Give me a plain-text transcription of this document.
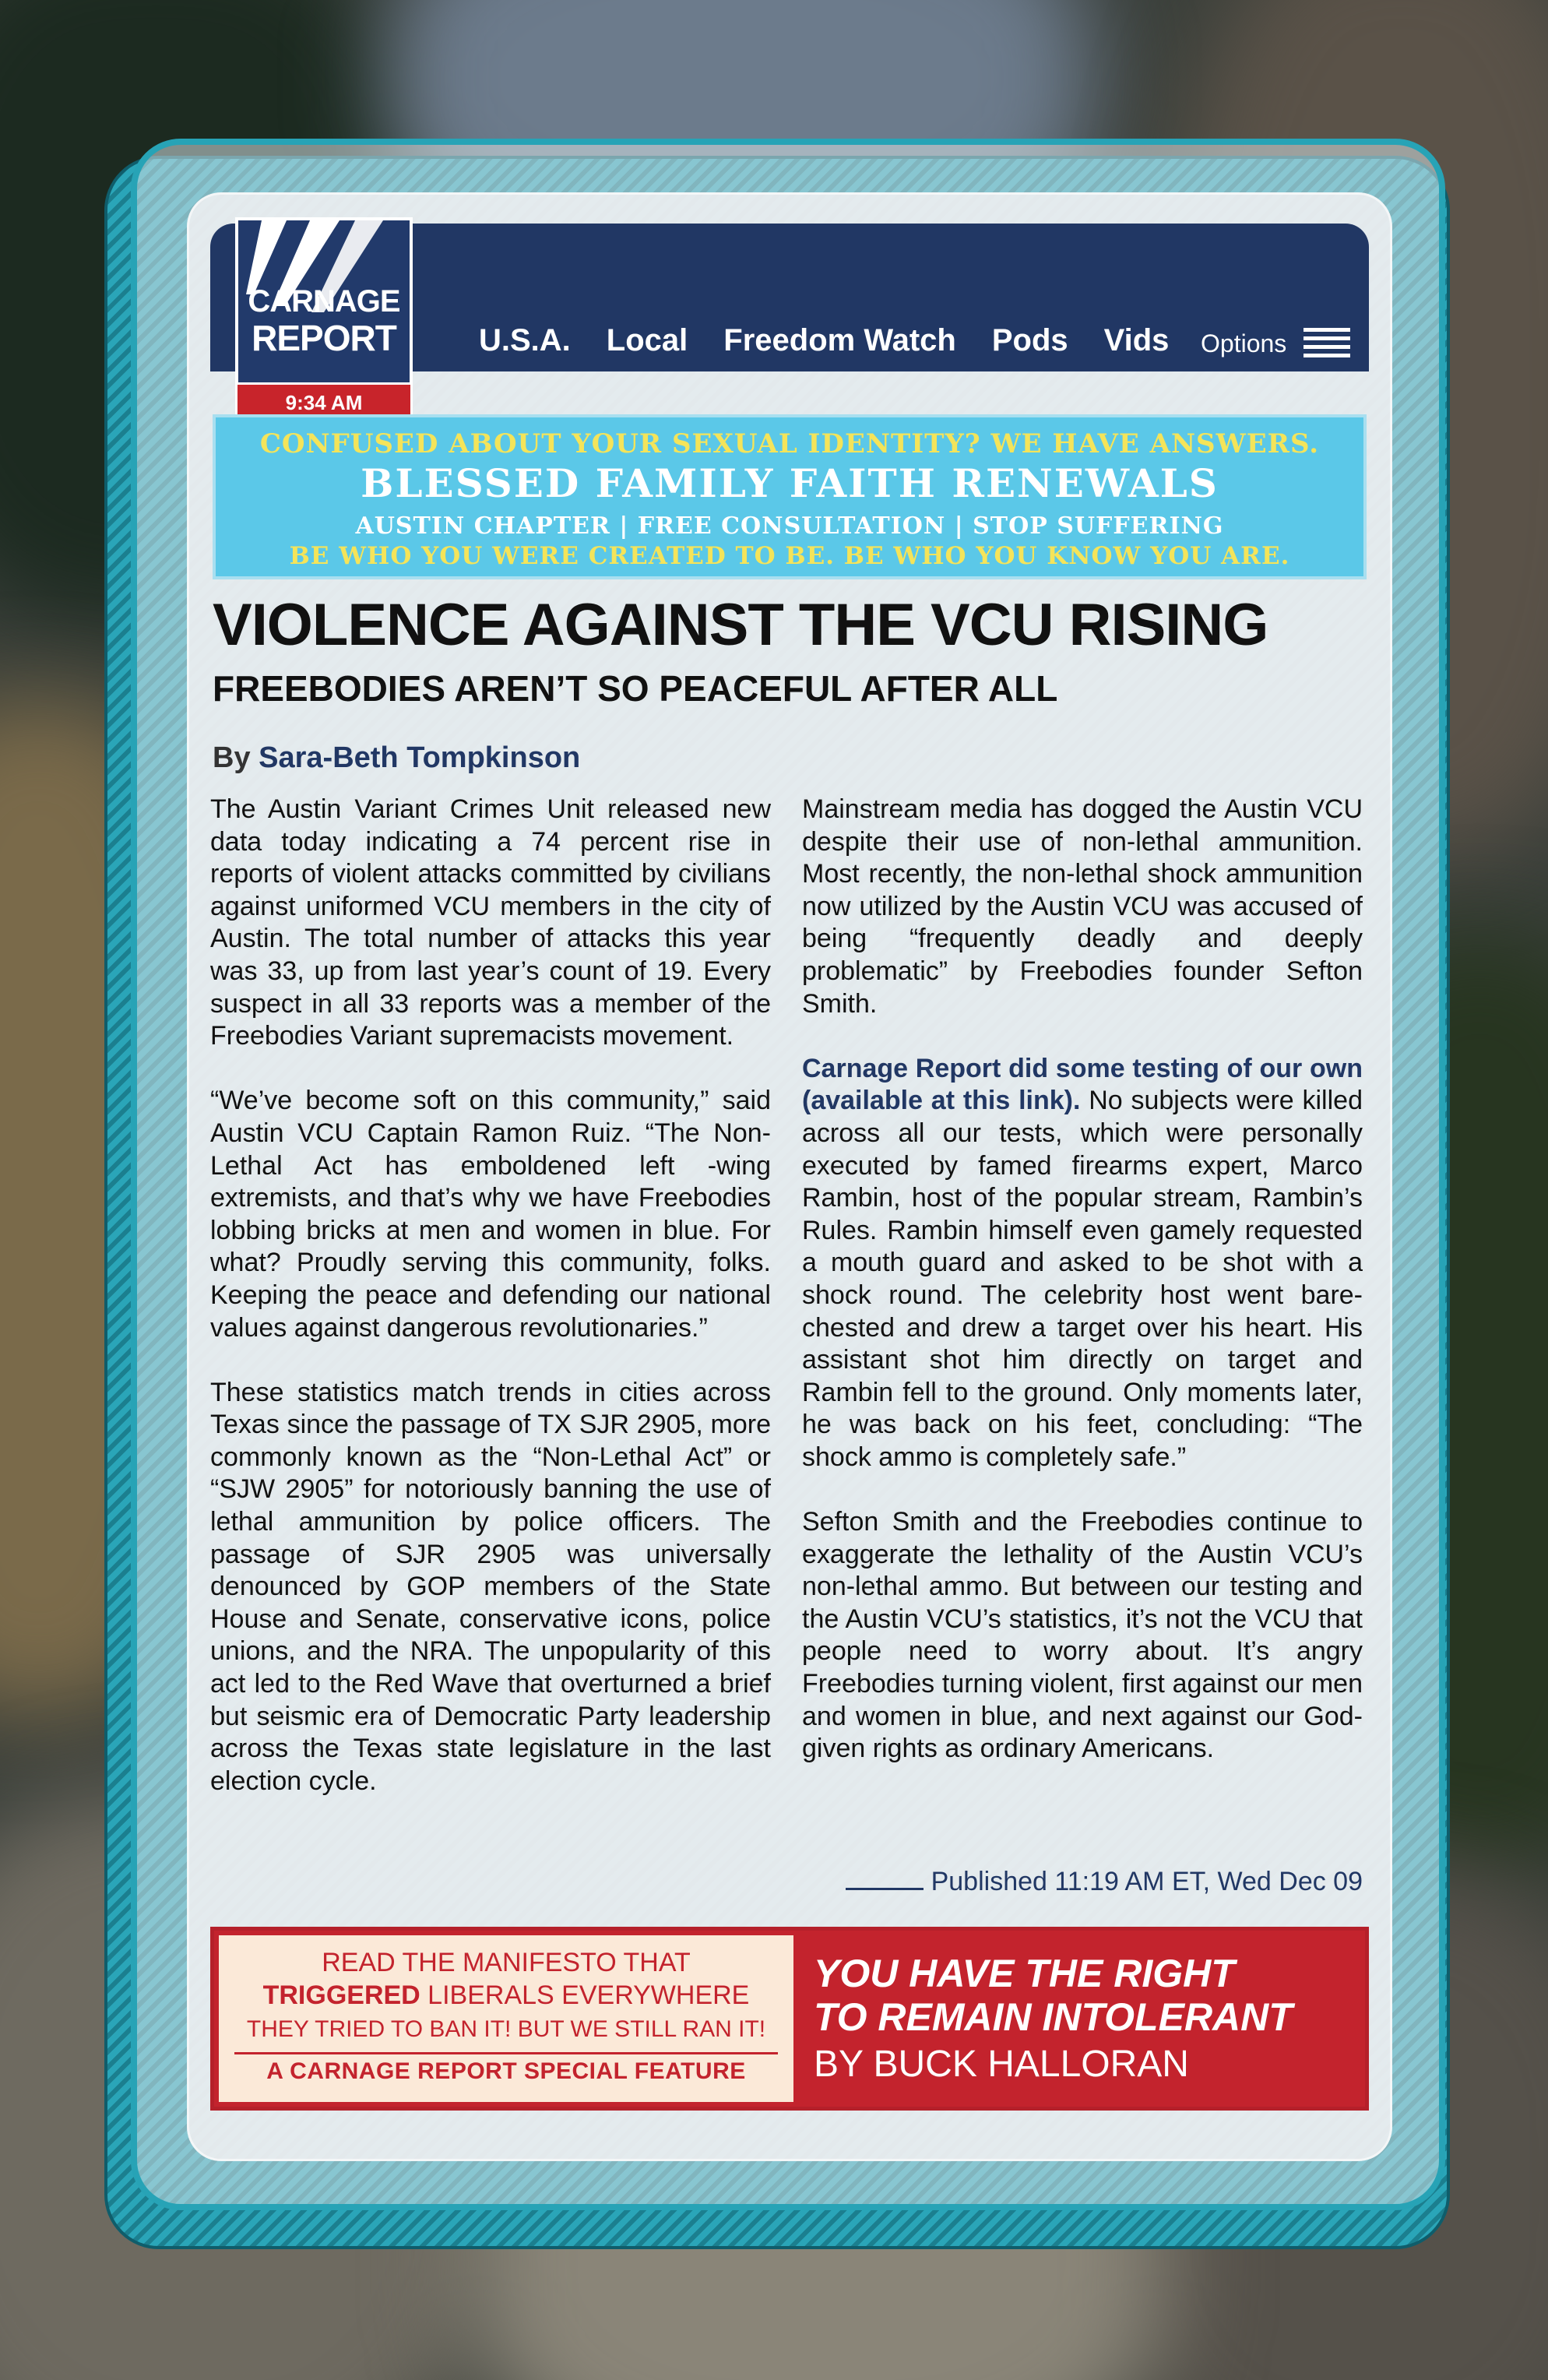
U.S.A. Local Freedom Watch Pods Vids Options
CARNAGE
REPORT
9:34 AM
CONFUSED ABOUT YOUR SEXUAL IDENTITY? WE HAVE ANSWERS.
BLESSED FAMILY FAITH RENEWALS
AUSTIN CHAPTER | FREE CONSULTATION | STOP SUFFERING
BE WHO YOU WERE CREATED TO BE. BE WHO YOU KNOW YOU ARE.
VIOLENCE AGAINST THE VCU RISING
FREEBODIES AREN’T SO PEACEFUL AFTER ALL
By Sara-Beth Tompkinson

The Austin Variant Crimes Unit released new data today indicating a 74 percent rise in reports of violent attacks committed by civilians against uniformed VCU members in the city of Austin. The total number of attacks this year was 33, up from last year’s count of 19. Every suspect in all 33 reports was a member of the Freebodies Variant supremacists movement.

“We’ve become soft on this community,” said Austin VCU Captain Ramon Ruiz. “The Non-Lethal Act has emboldened left -wing extremists, and that’s why we have Freebodies lobbing bricks at men and women in blue. For what? Proudly serving this community, folks. Keeping the peace and defending our national values against dangerous revolutionaries.”

These statistics match trends in cities across Texas since the passage of TX SJR 2905, more commonly known as the “Non-Lethal Act” or “SJW 2905” for notoriously banning the use of lethal ammunition by police officers. The passage of SJR 2905 was universally denounced by GOP members of the State House and Senate, conservative icons, police unions, and the NRA. The unpopularity of this act led to the Red Wave that overturned a brief but seismic era of Democratic Party leadership across the Texas state legislature in the last election cycle.

Mainstream media has dogged the Austin VCU despite their use of non-lethal ammunition. Most recently, the non-lethal shock ammunition now utilized by the Austin VCU was accused of being “frequently deadly and deeply problematic” by Freebodies founder Sefton Smith.

Carnage Report did some testing of our own (available at this link). No subjects were killed across all our tests, which were personally executed by famed firearms expert, Marco Rambin, host of the popular stream, Rambin’s Rules. Rambin himself even gamely requested a mouth guard and asked to be shot with a shock round. The celebrity host went bare-chested and drew a target over his heart. His assistant shot him directly on target and Rambin fell to the ground. Only moments later, he was back on his feet, concluding: “The shock ammo is completely safe.”

Sefton Smith and the Freebodies continue to exaggerate the lethality of the Austin VCU’s non-lethal ammo. But between our testing and the Austin VCU’s statistics, it’s not the VCU that people need to worry about. It’s angry Freebodies turning violent, first against our men and women in blue, and next against our God-given rights as ordinary Americans.

Published 11:19 AM ET, Wed Dec 09
READ THE MANIFESTO THAT
TRIGGERED LIBERALS EVERYWHERE
THEY TRIED TO BAN IT! BUT WE STILL RAN IT!
A CARNAGE REPORT SPECIAL FEATURE
YOU HAVE THE RIGHT
TO REMAIN INTOLERANT
BY BUCK HALLORAN
